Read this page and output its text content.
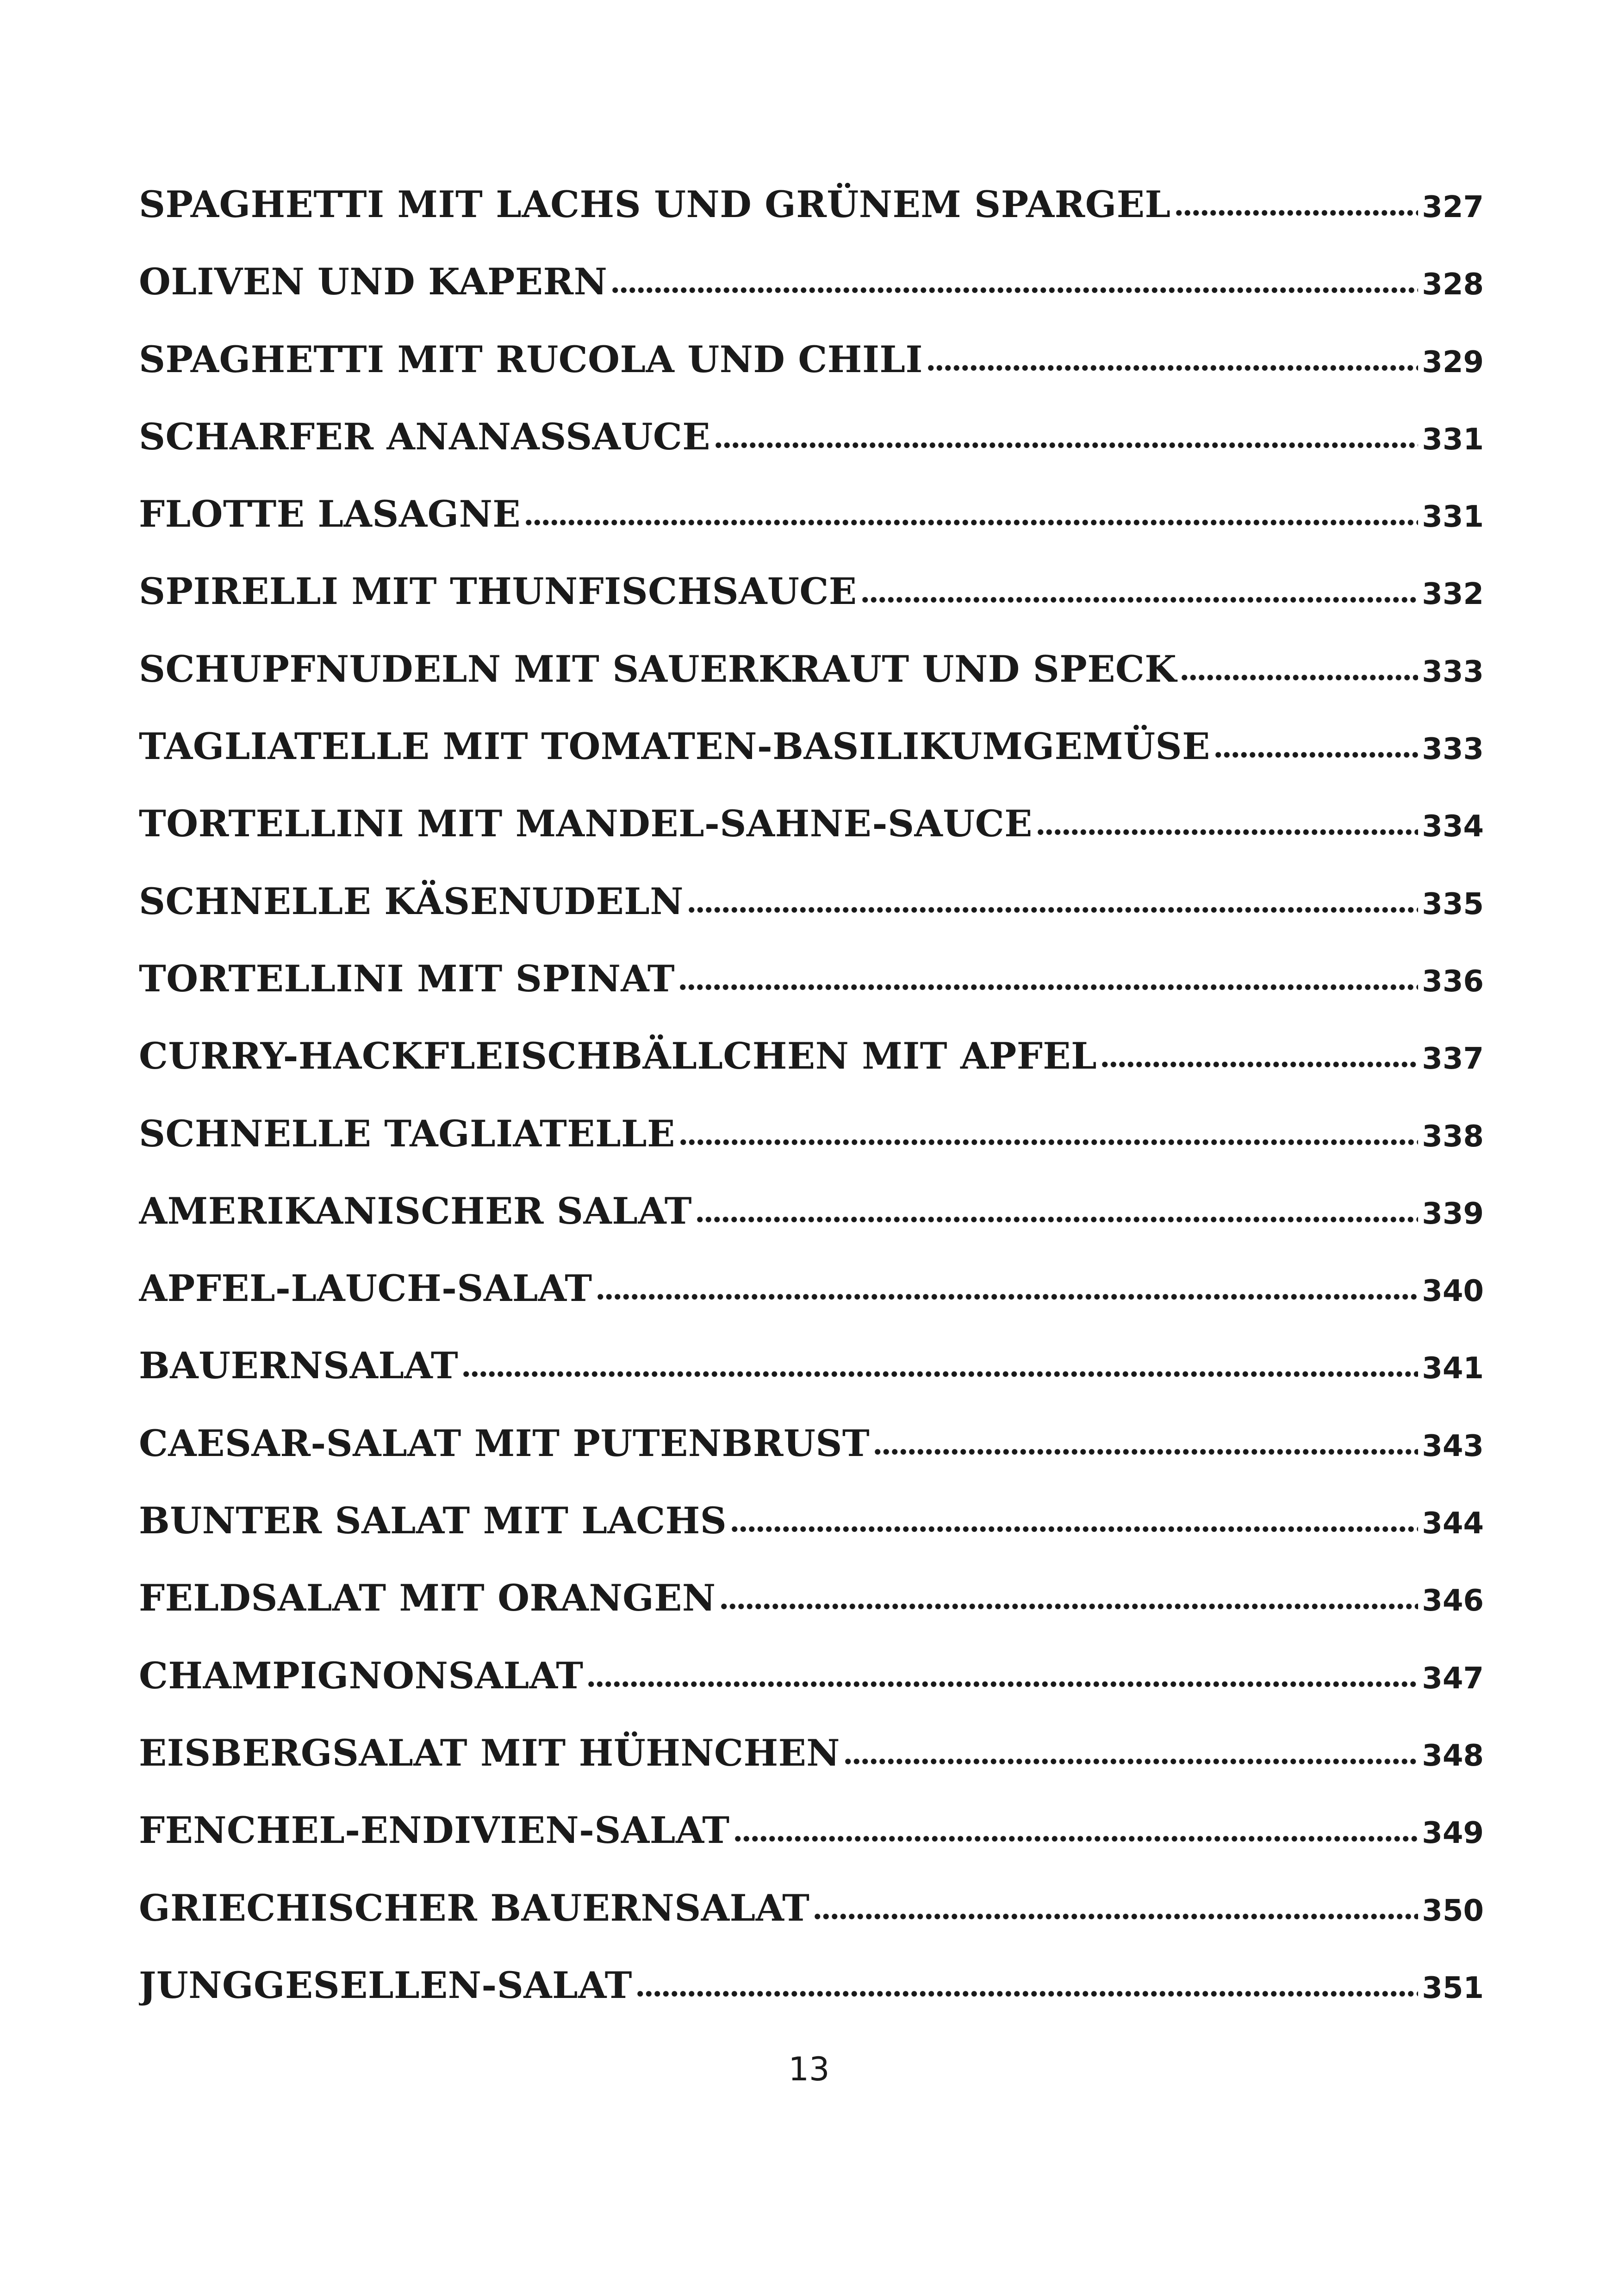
SPAGHETTI MIT LACHS UND GRÜNEM SPARGEL	327
OLIVEN UND KAPERN	328
SPAGHETTI MIT RUCOLA UND CHILI	329
SCHARFER ANANASSAUCE	331
FLOTTE LASAGNE	331
SPIRELLI MIT THUNFISCHSAUCE	332
SCHUPFNUDELN MIT SAUERKRAUT UND SPECK	333
TAGLIATELLE MIT TOMATEN-BASILIKUMGEMÜSE	333
TORTELLINI MIT MANDEL-SAHNE-SAUCE	334
SCHNELLE KÄSENUDELN	335
TORTELLINI MIT SPINAT	336
CURRY-HACKFLEISCHBÄLLCHEN MIT APFEL	337
SCHNELLE TAGLIATELLE	338
AMERIKANISCHER SALAT	339
APFEL-LAUCH-SALAT	340
BAUERNSALAT	341
CAESAR-SALAT MIT PUTENBRUST	343
BUNTER SALAT MIT LACHS	344
FELDSALAT MIT ORANGEN	346
CHAMPIGNONSALAT	347
EISBERGSALAT MIT HÜHNCHEN	348
FENCHEL-ENDIVIEN-SALAT	349
GRIECHISCHER BAUERNSALAT	350
JUNGGESELLEN-SALAT	351
13
